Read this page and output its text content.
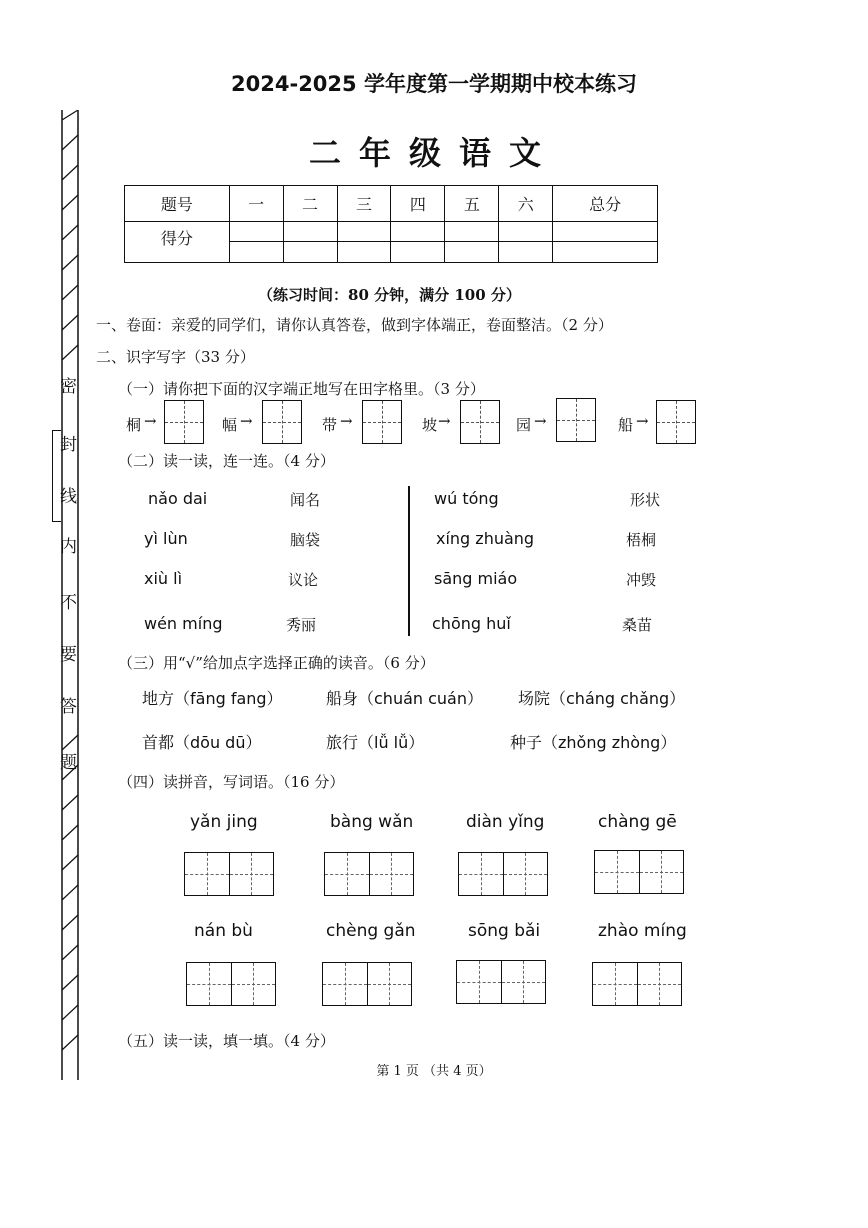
密
封
线
内
不
要
答
题
2024-2025 学年度第一学期期中校本练习
二年级语文
题号	一	二	三	四	五	六	总分
得分							

（练习时间：80 分钟，满分 100 分）
一、卷面：亲爱的同学们，请你认真答卷，做到字体端正，卷面整洁。（2 分）
二、识字写字（33 分）
（一）请你把下面的汉字端正地写在田字格里。（3 分）
桐 →	幅 →	带 →	坡 →	园 →	船 →
（二）读一读，连一连。（4 分）
nǎo dai
yì lùn
xiù lì
wén míng
闻名
脑袋
议论
秀丽
wú tóng
xíng zhuàng
sāng miáo
chōng huǐ
形状
梧桐
冲毁
桑苗
（三）用“√”给加点字选择正确的读音。（6 分）
地方（fāng fang）	船身（chuán cuán） 场院（cháng chǎng）
首都（dōu dū）	旅行（lǚ lǚ）	种子（zhǒng zhòng）
（四）读拼音，写词语。（16 分）
yǎn jing	bàng wǎn	diàn yǐng	chàng gē
nán bù	chèng gǎn	sōng bǎi	zhào míng
（五）读一读，填一填。（4 分）
第 1 页 （共 4 页）
